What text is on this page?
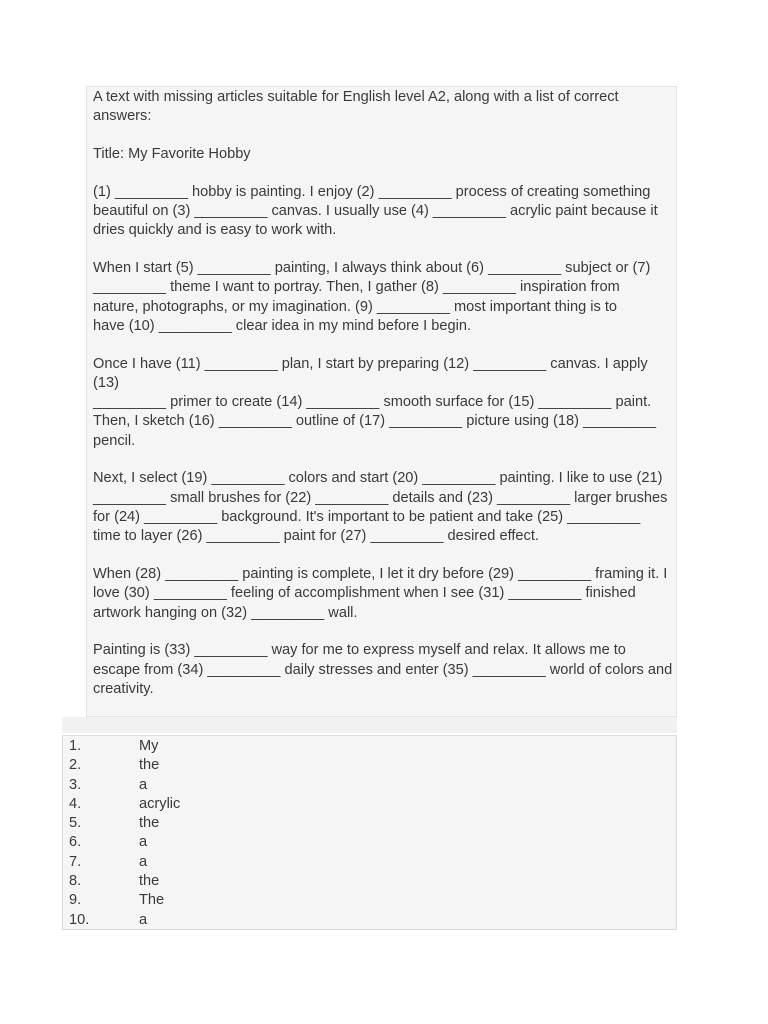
A text with missing articles suitable for English level A2, along with a list of correct answers:

Title: My Favorite Hobby

(1) _________ hobby is painting. I enjoy (2) _________ process of creating something
beautiful on (3) _________ canvas. I usually use (4) _________ acrylic paint because it
dries quickly and is easy to work with.

When I start (5) _________ painting, I always think about (6) _________ subject or (7)
_________ theme I want to portray. Then, I gather (8) _________ inspiration from
nature, photographs, or my imagination. (9) _________ most important thing is to
have (10) _________ clear idea in my mind before I begin.

Once I have (11) _________ plan, I start by preparing (12) _________ canvas. I apply (13)
_________ primer to create (14) _________ smooth surface for (15) _________ paint.
Then, I sketch (16) _________ outline of (17) _________ picture using (18) _________
pencil.

Next, I select (19) _________ colors and start (20) _________ painting. I like to use (21)
_________ small brushes for (22) _________ details and (23) _________ larger brushes
for (24) _________ background. It's important to be patient and take (25) _________
time to layer (26) _________ paint for (27) _________ desired effect.

When (28) _________ painting is complete, I let it dry before (29) _________ framing it. I
love (30) _________ feeling of accomplishment when I see (31) _________ finished
artwork hanging on (32) _________ wall.

Painting is (33) _________ way for me to express myself and relax. It allows me to
escape from (34) _________ daily stresses and enter (35) _________ world of colors and
creativity.

1.	My
2.	the
3.	a
4.	acrylic
5.	the
6.	a
7.	a
8.	the
9.	The
10.	a
